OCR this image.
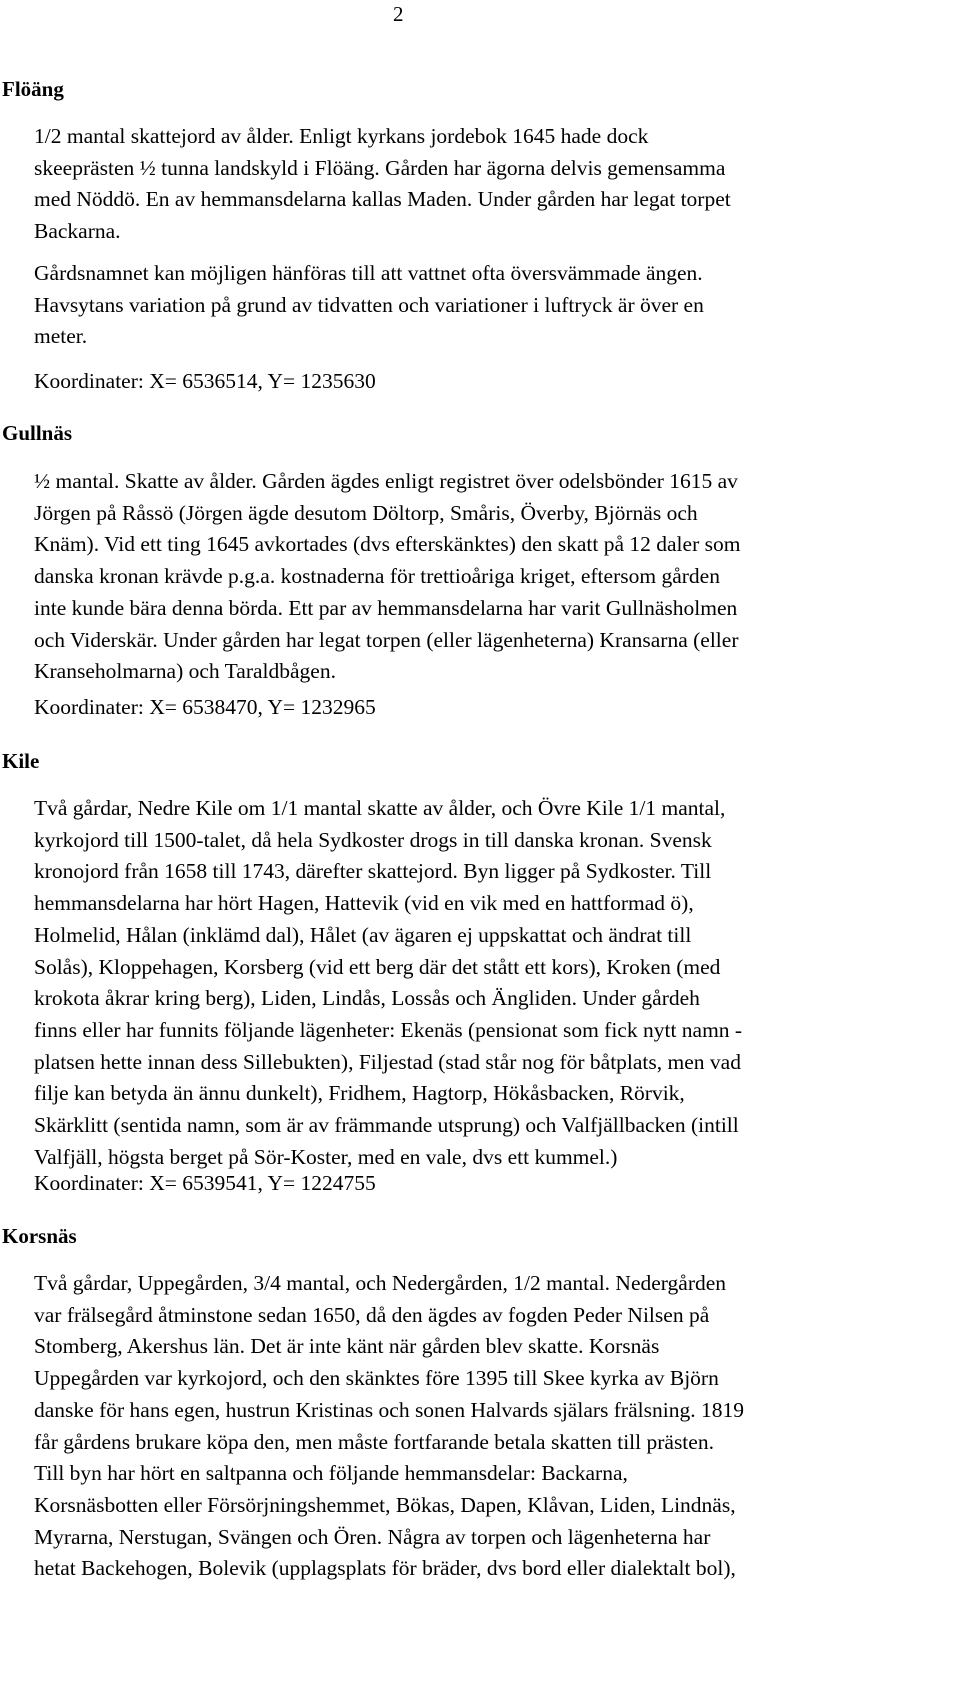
2
Flöäng
1/2 mantal skattejord av ålder. Enligt kyrkans jordebok 1645 hade dock
skeeprästen ½ tunna landskyld i Flöäng. Gården har ägorna delvis gemensamma
med Nöddö. En av hemmansdelarna kallas Maden. Under gården har legat torpet
Backarna.
Gårdsnamnet kan möjligen hänföras till att vattnet ofta översvämmade ängen.
Havsytans variation på grund av tidvatten och variationer i luftryck är över en
meter.
Koordinater: X= 6536514, Y= 1235630
Gullnäs
½ mantal. Skatte av ålder. Gården ägdes enligt registret över odelsbönder 1615 av
Jörgen på Råssö (Jörgen ägde desutom Döltorp, Småris, Överby, Björnäs och
Knäm). Vid ett ting 1645 avkortades (dvs efterskänktes) den skatt på 12 daler som
danska kronan krävde p.g.a. kostnaderna för trettioåriga kriget, eftersom gården
inte kunde bära denna börda. Ett par av hemmansdelarna har varit Gullnäsholmen
och Viderskär. Under gården har legat torpen (eller lägenheterna) Kransarna (eller
Kranseholmarna) och Taraldbågen.
Koordinater: X= 6538470, Y= 1232965
Kile
Två gårdar, Nedre Kile om 1/1 mantal skatte av ålder, och Övre Kile 1/1 mantal,
kyrkojord till 1500-talet, då hela Sydkoster drogs in till danska kronan. Svensk
kronojord från 1658 till 1743, därefter skattejord. Byn ligger på Sydkoster. Till
hemmansdelarna har hört Hagen, Hattevik (vid en vik med en hattformad ö),
Holmelid, Hålan (inklämd dal), Hålet (av ägaren ej uppskattat och ändrat till
Solås), Kloppehagen, Korsberg (vid ett berg där det stått ett kors), Kroken (med
krokota åkrar kring berg), Liden, Lindås, Lossås och Ängliden. Under gårdeh
finns eller har funnits följande lägenheter: Ekenäs (pensionat som fick nytt namn -
platsen hette innan dess Sillebukten), Filjestad (stad står nog för båtplats, men vad
filje kan betyda än ännu dunkelt), Fridhem, Hagtorp, Hökåsbacken, Rörvik,
Skärklitt (sentida namn, som är av främmande utsprung) och Valfjällbacken (intill
Valfjäll, högsta berget på Sör-Koster, med en vale, dvs ett kummel.)
Koordinater: X= 6539541, Y= 1224755
Korsnäs
Två gårdar, Uppegården, 3/4 mantal, och Nedergården, 1/2 mantal. Nedergården
var frälsegård åtminstone sedan 1650, då den ägdes av fogden Peder Nilsen på
Stomberg, Akershus län. Det är inte känt när gården blev skatte. Korsnäs
Uppegården var kyrkojord, och den skänktes före 1395 till Skee kyrka av Björn
danske för hans egen, hustrun Kristinas och sonen Halvards själars frälsning. 1819
får gårdens brukare köpa den, men måste fortfarande betala skatten till prästen.
Till byn har hört en saltpanna och följande hemmansdelar: Backarna,
Korsnäsbotten eller Försörjningshemmet, Bökas, Dapen, Klåvan, Liden, Lindnäs,
Myrarna, Nerstugan, Svängen och Ören. Några av torpen och lägenheterna har
hetat Backehogen, Bolevik (upplagsplats för bräder, dvs bord eller dialektalt bol),
